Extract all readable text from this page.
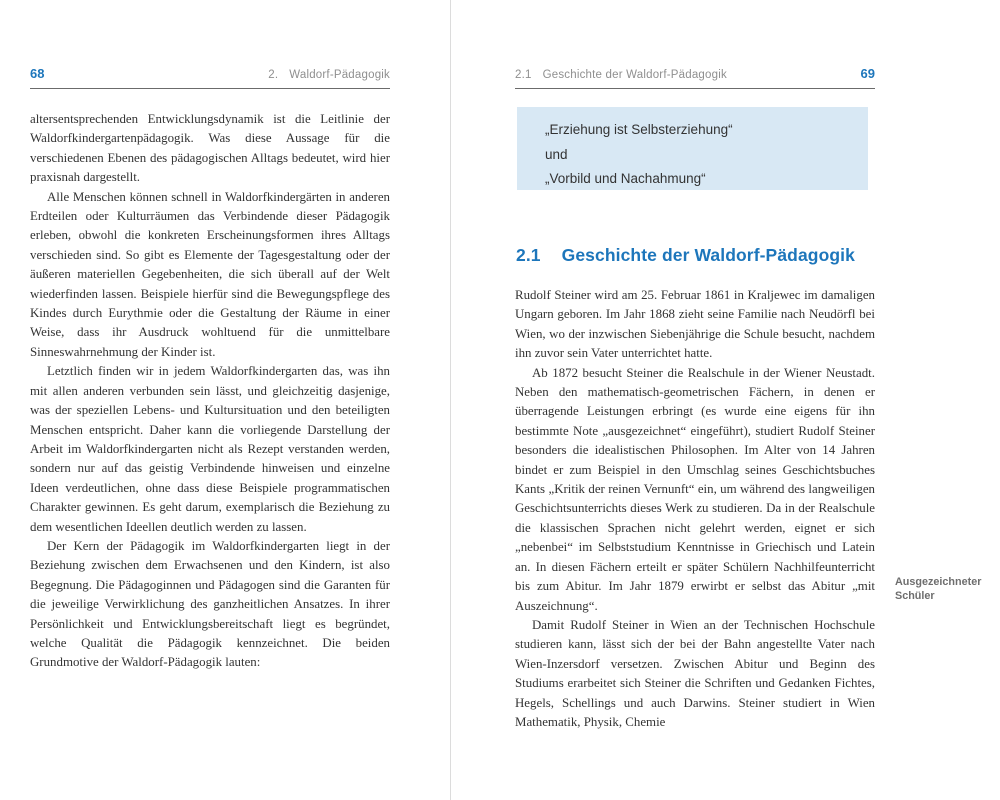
68	2. Waldorf-Pädagogik

altersentsprechenden Entwicklungsdynamik ist die Leitlinie der Waldorfkindergartenpädagogik. Was diese Aussage für die verschiedenen Ebenen des pädagogischen Alltags bedeutet, wird hier praxisnah dargestellt.

Alle Menschen können schnell in Waldorfkindergärten in anderen Erdteilen oder Kulturräumen das Verbindende dieser Pädagogik erleben, obwohl die konkreten Erscheinungsformen ihres Alltags verschieden sind. So gibt es Elemente der Tagesgestaltung oder der äußeren materiellen Gegebenheiten, die sich überall auf der Welt wiederfinden lassen. Beispiele hierfür sind die Bewegungspflege des Kindes durch Eurythmie oder die Gestaltung der Räume in einer Weise, dass ihr Ausdruck wohltuend für die unmittelbare Sinneswahrnehmung der Kinder ist.

Letztlich finden wir in jedem Waldorfkindergarten das, was ihn mit allen anderen verbunden sein lässt, und gleichzeitig dasjenige, was der speziellen Lebens- und Kultursituation und den beteiligten Menschen entspricht. Daher kann die vorliegende Darstellung der Arbeit im Waldorfkindergarten nicht als Rezept verstanden werden, sondern nur auf das geistig Verbindende hinweisen und einzelne Ideen verdeutlichen, ohne dass diese Beispiele programmatischen Charakter gewinnen. Es geht darum, exemplarisch die Beziehung zu dem wesentlichen Ideellen deutlich werden zu lassen.

Der Kern der Pädagogik im Waldorfkindergarten liegt in der Beziehung zwischen dem Erwachsenen und den Kindern, ist also Begegnung. Die Pädagoginnen und Pädagogen sind die Garanten für die jeweilige Verwirklichung des ganzheitlichen Ansatzes. In ihrer Persönlichkeit und Entwicklungsbereitschaft liegt es begründet, welche Qualität die Pädagogik kennzeichnet. Die beiden Grundmotive der Waldorf-Pädagogik lauten:

2.1 Geschichte der Waldorf-Pädagogik	69

„Erziehung ist Selbsterziehung“

und

„Vorbild und Nachahmung“

2.1 Geschichte der Waldorf-Pädagogik

Rudolf Steiner wird am 25. Februar 1861 in Kraljewec im damaligen Ungarn geboren. Im Jahr 1868 zieht seine Familie nach Neudörfl bei Wien, wo der inzwischen Siebenjährige die Schule besucht, nachdem ihn zuvor sein Vater unterrichtet hatte.

Ab 1872 besucht Steiner die Realschule in der Wiener Neustadt. Neben den mathematisch-geometrischen Fächern, in denen er überragende Leistungen erbringt (es wurde eine eigens für ihn bestimmte Note „ausgezeichnet“ eingeführt), studiert Rudolf Steiner besonders die idealistischen Philosophen. Im Alter von 14 Jahren bindet er zum Beispiel in den Umschlag seines Geschichtsbuches Kants „Kritik der reinen Vernunft“ ein, um während des langweiligen Geschichtsunterrichts dieses Werk zu studieren. Da in der Realschule die klassischen Sprachen nicht gelehrt werden, eignet er sich „nebenbei“ im Selbststudium Kenntnisse in Griechisch und Latein an. In diesen Fächern erteilt er später Schülern Nachhilfeunterricht bis zum Abitur. Im Jahr 1879 erwirbt er selbst das Abitur „mit Auszeichnung“.

Damit Rudolf Steiner in Wien an der Technischen Hochschule studieren kann, lässt sich der bei der Bahn angestellte Vater nach Wien-Inzersdorf versetzen. Zwischen Abitur und Beginn des Studiums erarbeitet sich Steiner die Schriften und Gedanken Fichtes, Hegels, Schellings und auch Darwins. Steiner studiert in Wien Mathematik, Physik, Chemie

Ausgezeichneter Schüler
